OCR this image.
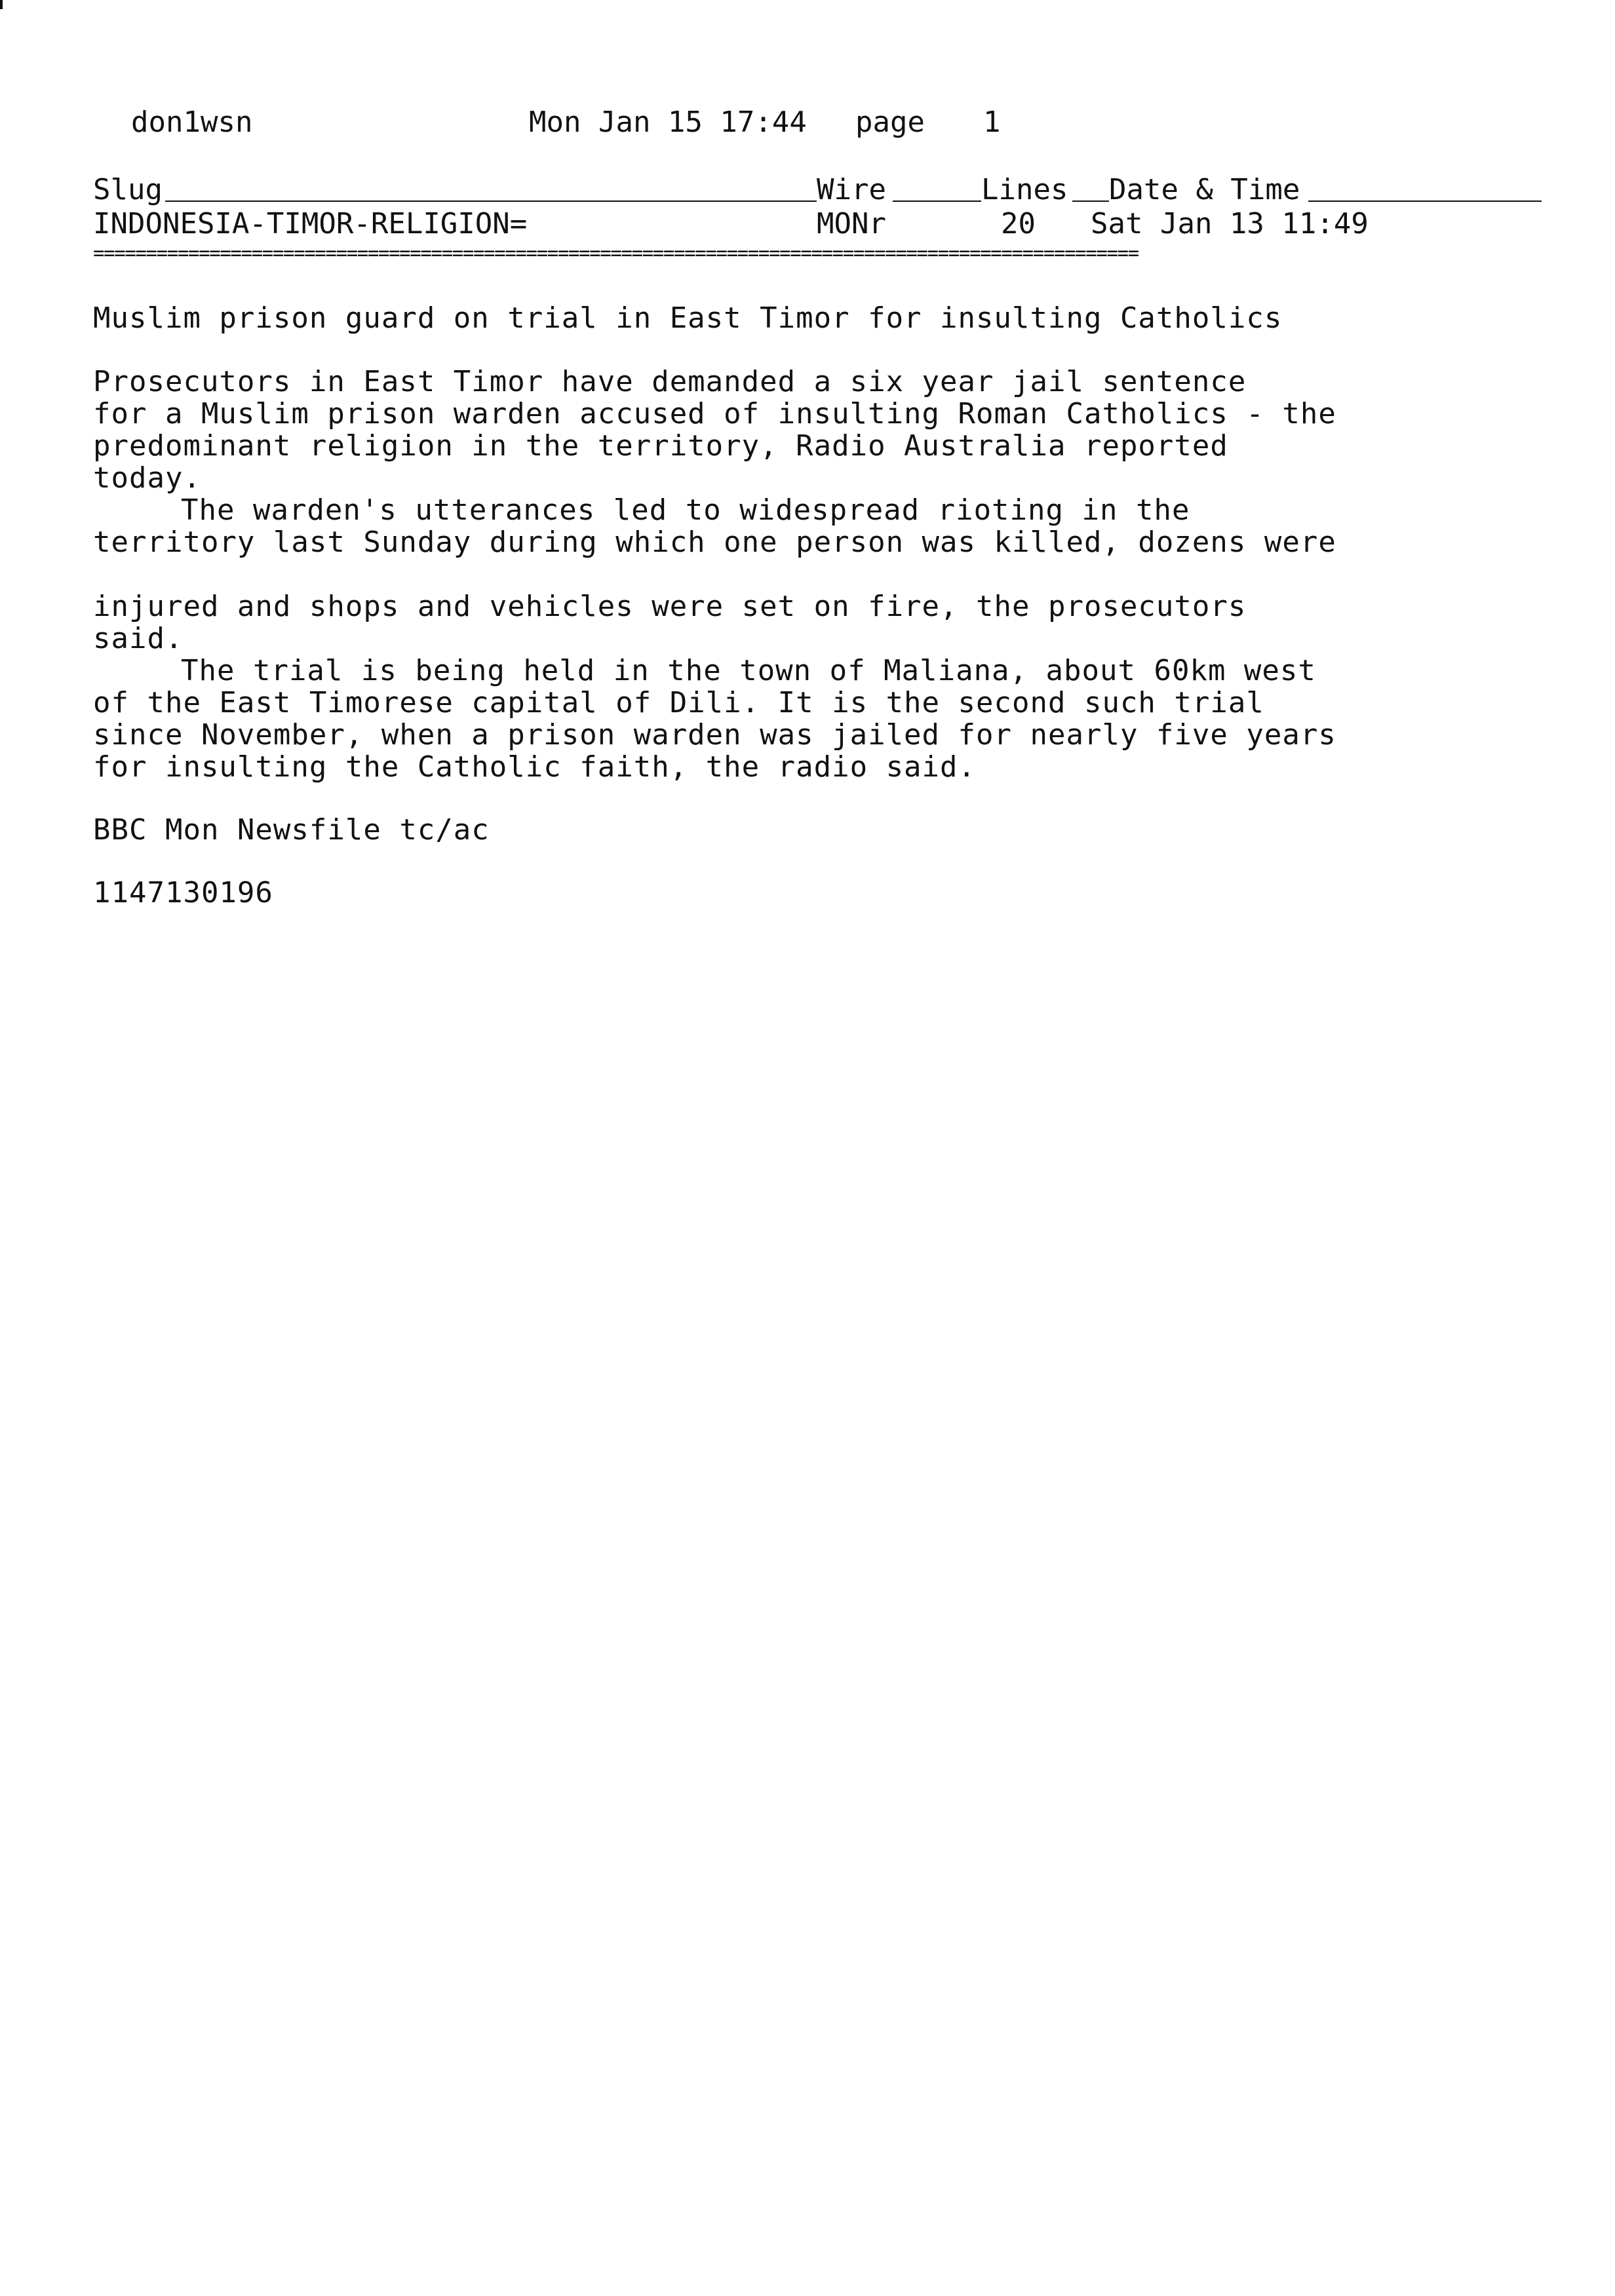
don1wsn	Mon Jan 15 17:44 page 1
Slug	Wire	Lines Date & Time
INDONESIA-TIMOR-RELIGION=	MONr	20 Sat Jan 13 11:49
===================================================================================================
Muslim prison guard on trial in East Timor for insulting Catholics

Prosecutors in East Timor have demanded a six year jail sentence
for a Muslim prison warden accused of insulting Roman Catholics - the
predominant religion in the territory, Radio Australia reported
today.

The warden's utterances led to widespread rioting in the
territory last Sunday during which one person was killed, dozens were

injured and shops and vehicles were set on fire, the prosecutors
said.

The trial is being held in the town of Maliana, about 60km west
of the East Timorese capital of Dili. It is the second such trial
since November, when a prison warden was jailed for nearly five years
for insulting the Catholic faith, the radio said.

BBC Mon Newsfile tc/ac
1147130196
